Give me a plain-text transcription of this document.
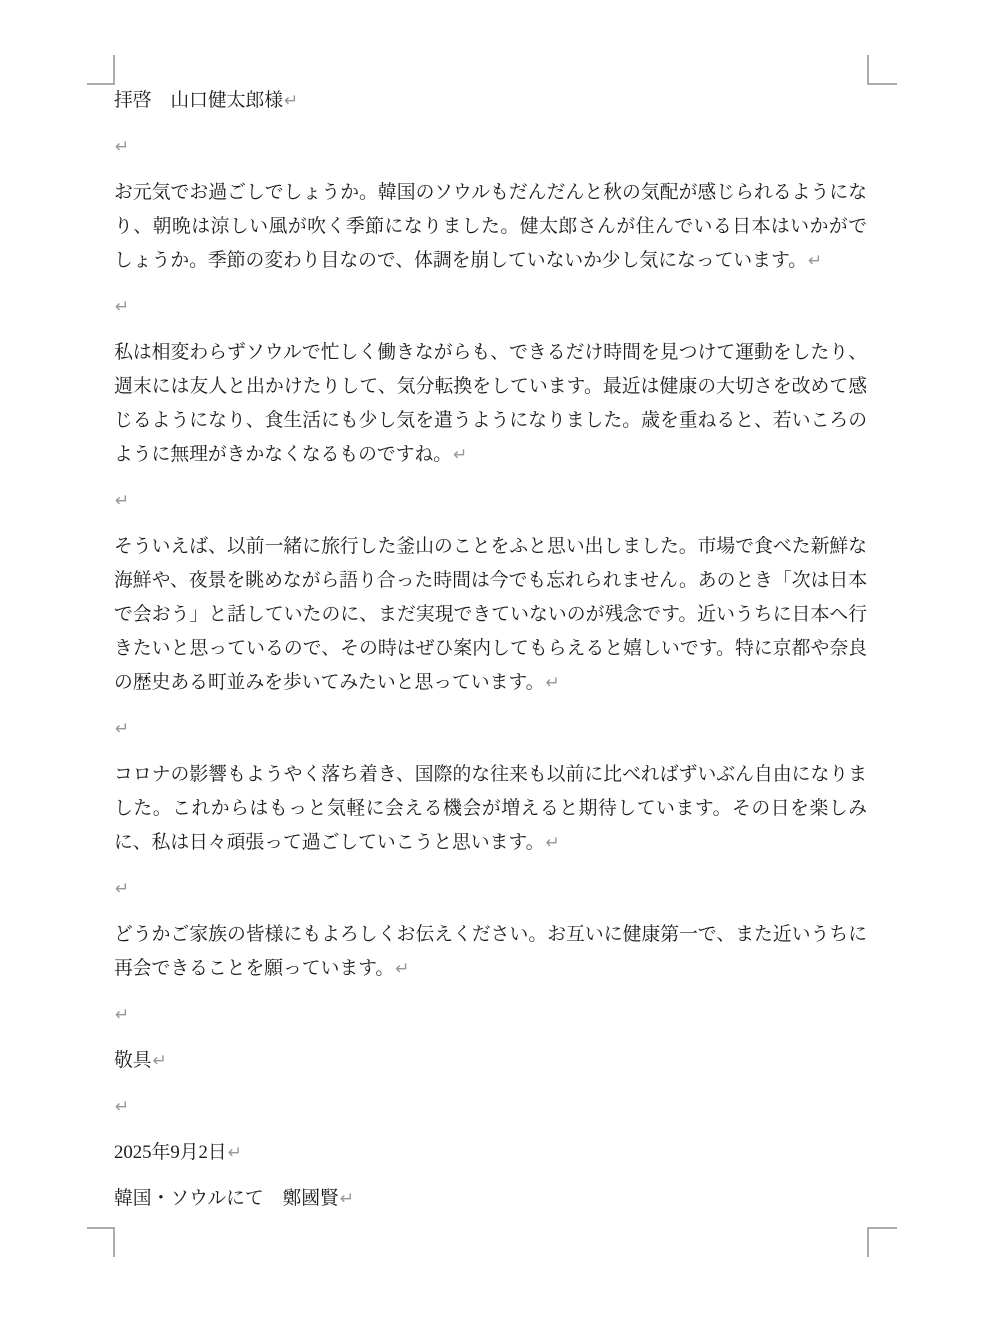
拝啓　山口健太郎様↵

↵

お元気でお過ごしでしょうか。韓国のソウルもだんだんと秋の気配が感じられるようになり、朝晩は涼しい風が吹く季節になりました。健太郎さんが住んでいる日本はいかがでしょうか。季節の変わり目なので、体調を崩していないか少し気になっています。↵

↵

私は相変わらずソウルで忙しく働きながらも、できるだけ時間を見つけて運動をしたり、週末には友人と出かけたりして、気分転換をしています。最近は健康の大切さを改めて感じるようになり、食生活にも少し気を遣うようになりました。歳を重ねると、若いころのように無理がきかなくなるものですね。↵

↵

そういえば、以前一緒に旅行した釜山のことをふと思い出しました。市場で食べた新鮮な海鮮や、夜景を眺めながら語り合った時間は今でも忘れられません。あのとき「次は日本で会おう」と話していたのに、まだ実現できていないのが残念です。近いうちに日本へ行きたいと思っているので、その時はぜひ案内してもらえると嬉しいです。特に京都や奈良の歴史ある町並みを歩いてみたいと思っています。↵

↵

コロナの影響もようやく落ち着き、国際的な往来も以前に比べればずいぶん自由になりました。これからはもっと気軽に会える機会が増えると期待しています。その日を楽しみに、私は日々頑張って過ごしていこうと思います。↵

↵

どうかご家族の皆様にもよろしくお伝えください。お互いに健康第一で、また近いうちに再会できることを願っています。↵

↵

敬具↵

↵

2025年9月2日↵

韓国・ソウルにて　鄭國賢↵
